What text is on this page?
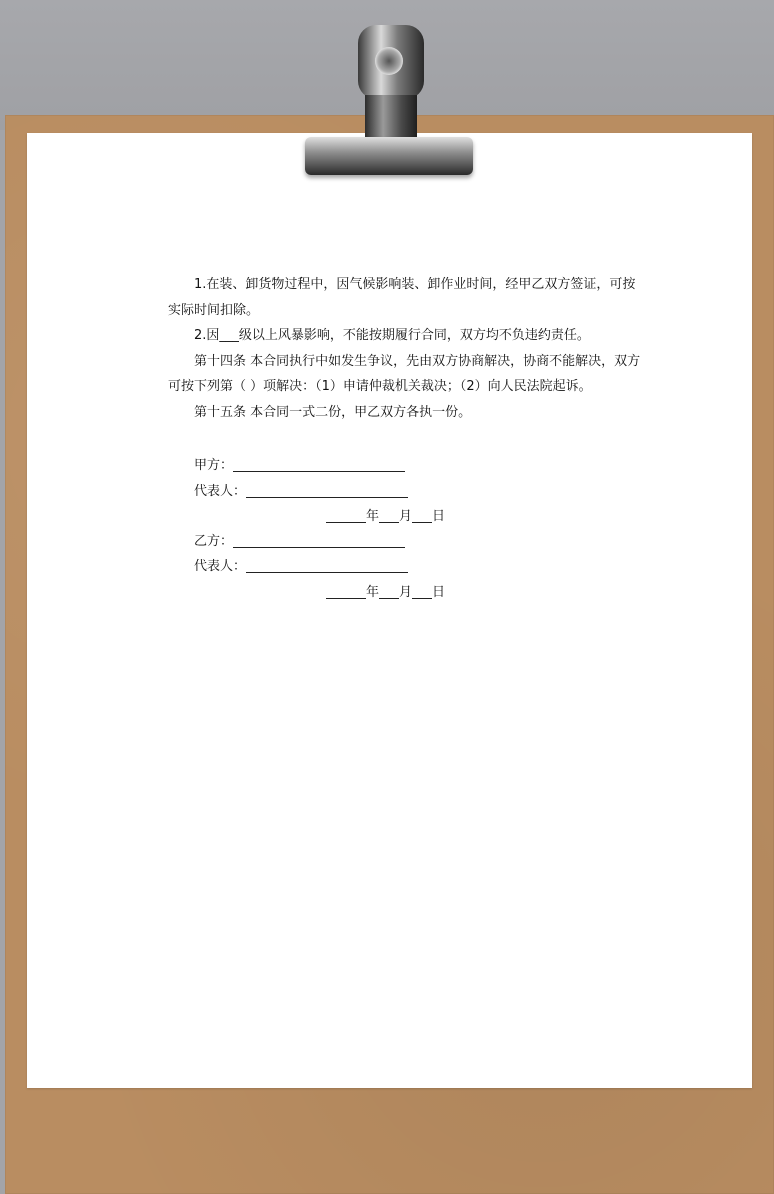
1.在装、卸货物过程中，因气候影响装、卸作业时间，经甲乙双方签证，可按

实际时间扣除。

2.因___级以上风暴影响，不能按期履行合同，双方均不负违约责任。

第十四条 本合同执行中如发生争议，先由双方协商解决，协商不能解决，双方

可按下列第（ ）项解决：（1）申请仲裁机关裁决；（2）向人民法院起诉。

第十五条 本合同一式二份，甲乙双方各执一份。

甲方：
代表人：
年 月 日
乙方：
代表人：
年 月 日
